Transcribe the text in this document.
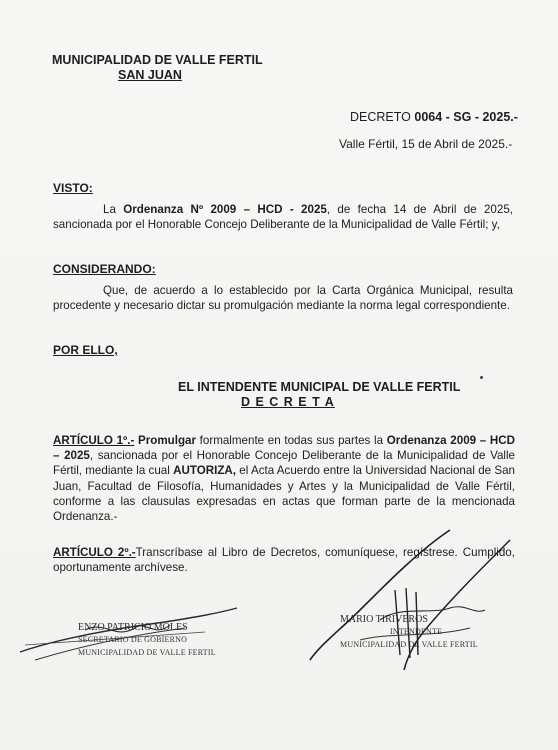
MUNICIPALIDAD DE VALLE FERTIL
SAN JUAN
DECRETO 0064 - SG - 2025.-
Valle Fértil, 15 de Abril de 2025.-
VISTO:
La Ordenanza Nº 2009 – HCD - 2025, de fecha 14 de Abril de 2025, sancionada por el Honorable Concejo Deliberante de la Municipalidad de Valle Fértil; y,
CONSIDERANDO:
Que, de acuerdo a lo establecido por la Carta Orgánica Municipal, resulta procedente y necesario dictar su promulgación mediante la norma legal correspondiente.
POR ELLO,
EL INTENDENTE MUNICIPAL DE VALLE FERTIL
D E C R E T A
ARTÍCULO 1º.- Promulgar formalmente en todas sus partes la Ordenanza 2009 – HCD – 2025, sancionada por el Honorable Concejo Deliberante de la Municipalidad de Valle Fértil, mediante la cual AUTORIZA, el Acta Acuerdo entre la Universidad Nacional de San Juan, Facultad de Filosofía, Humanidades y Artes y la Municipalidad de Valle Fértil, conforme a las clausulas expresadas en actas que forman parte de la mencionada Ordenanza.-
ARTÍCULO 2º.-Transcríbase al Libro de Decretos, comuníquese, regístrese. Cumplido, oportunamente archívese.
ENZO PATRICIO MOLES
SECRETARIO DE GOBIERNO
MUNICIPALIDAD DE VALLE FERTIL
MARIO TIRIVEROS
INTENDENTE
MUNICIPALIDAD DE VALLE FERTIL
